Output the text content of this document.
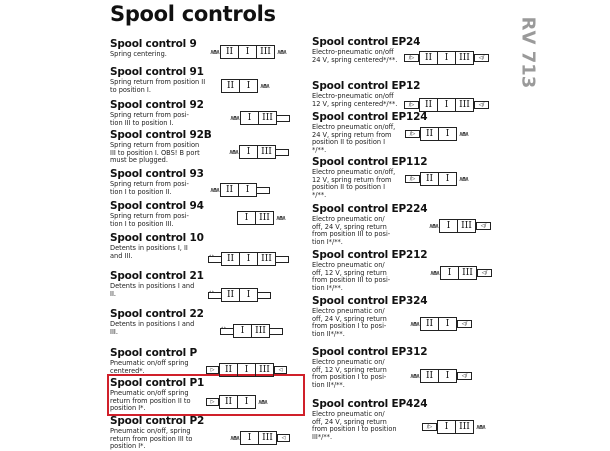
Spool controls
RV 713
Spool control 9

Spring centering.	ʍʍ II	I	III ʍʍ
Spool control 91

Spring return from position II
to position I.	II	I	ʍʍ
Spool control 92

Spring return from posi-
tion III to position I.

ʍʍ	I	III
Spool control 92B

Spring return from position
III to position I. OBS! B port
must be plugged.

ʍʍ	I	III
Spool control 93

Spring return from posi-
tion I to position II.	ʍʍ II	I
Spool control 94

Spring return from posi-
tion I to position III.

I	III ʍʍ
Spool control 10

Detents in positions I, II
and III.	˄˄	II	I	III
Spool control 21

Detents in positions I and
II.	˄˄	II	I
Spool control 22

Detents in positions I and
III.	˄˄	I	III
Spool control P

Pneumatic on/off spring
centered*.	▷	II	I	III	◁
Spool control P1

Pneumatic on/off spring
return from position II to
position I*.

▷	II	I	ʍʍ
Spool control P2

Pneumatic on/off, spring
return from position III to
position I*.

ʍʍ	I	III	◁
Spool control EP24

Electro-pneumatic on/off
24 V, spring centered*/**.	/▷	II	I	III	◁/
Spool control EP12

Electro-pneumatic on/off
12 V, spring centered*/**.	/▷	II	I	III	◁/
Spool control EP124

Electro pneumatic on/off,
24 V, spring return from
position II to position I
*/**.

/▷	II	I	ʍʍ
Spool control EP112

Electro pneumatic on/off,
12 V, spring return from
position II to position I
*/**.

/▷	II	I	ʍʍ
Spool control EP224

Electro pneumatic on/
off, 24 V, spring return
from position III to posi-
tion I*/**.

ʍʍ	I	III	◁/
Spool control EP212

Electro pneumatic on/
off, 12 V, spring return
from position III to posi-
tion I*/**.

ʍʍ	I	III	◁/
Spool control EP324

Electro pneumatic on/
off, 24 V, spring return
from position I to posi-
tion II*/**.

ʍʍ II	I	◁/
Spool control EP312

Electro pneumatic on/
off, 12 V, spring return
from position I to posi-
tion II*/**.

ʍʍ II	I	◁/
Spool control EP424

Electro pneumatic on/
off, 24 V, spring return
from position I to position
III*/**.

/▷	I	III ʍʍ
